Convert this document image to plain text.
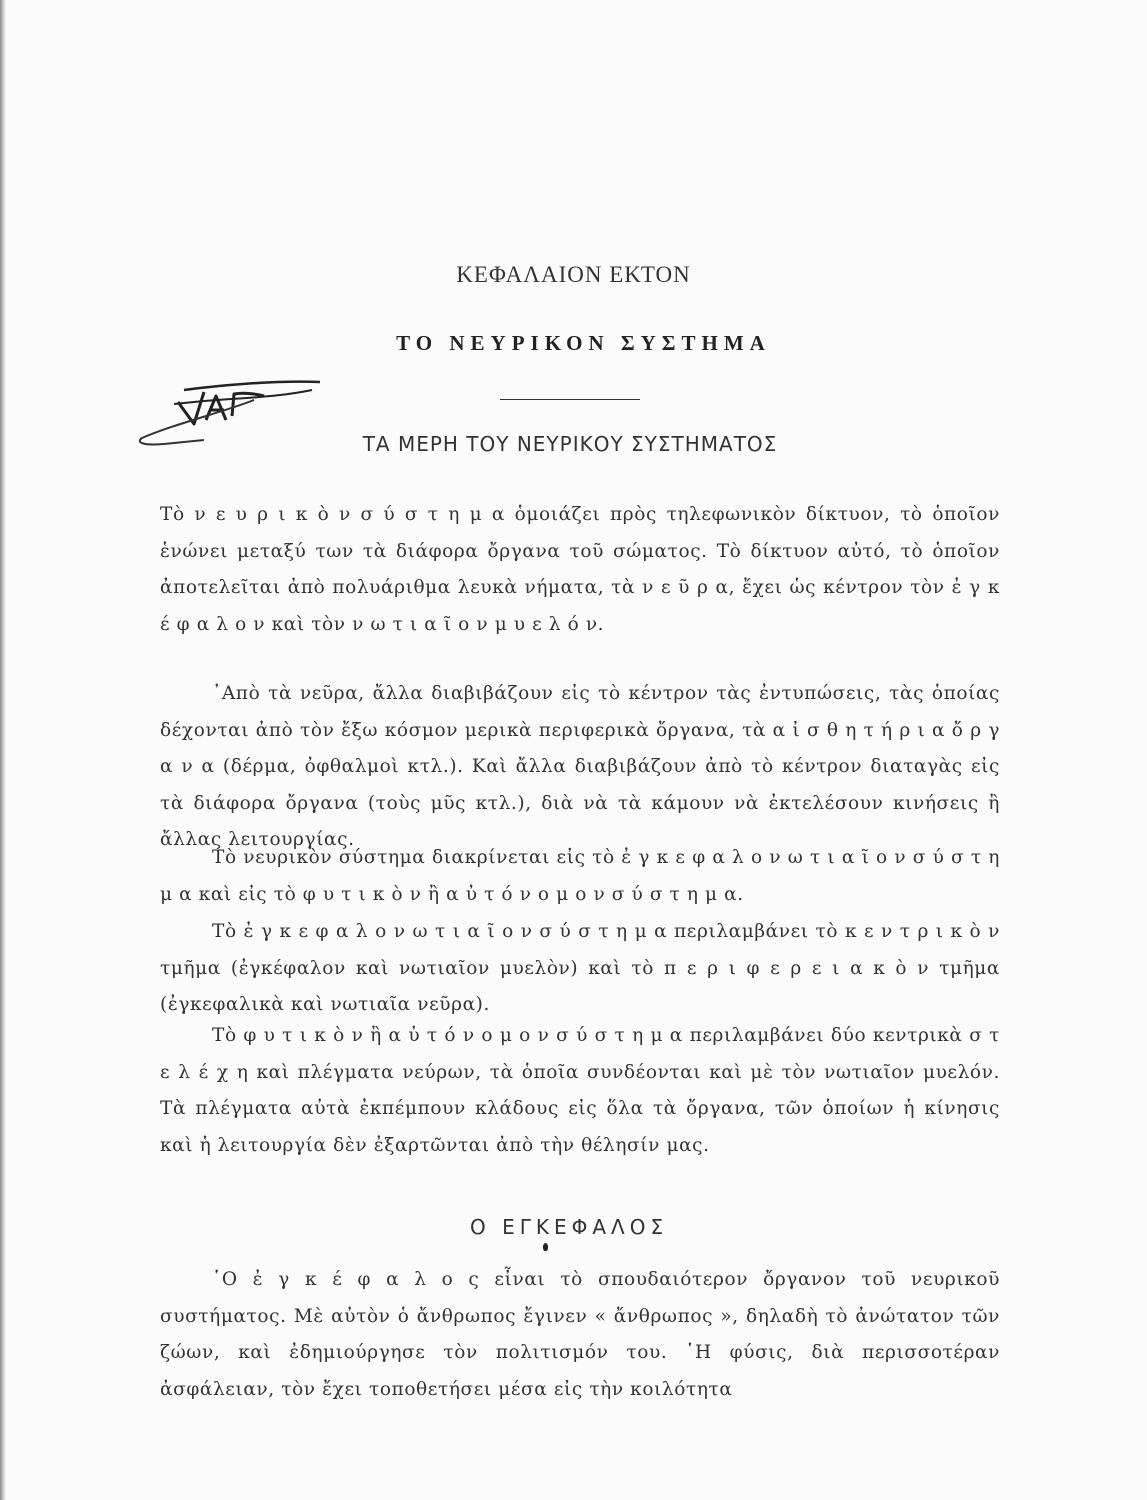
ΚΕΦΑΛΑΙΟΝ ΕΚΤΟΝ
ΤΟ ΝΕΥΡΙΚΟΝ ΣΥΣΤΗΜΑ
ΤΑ ΜΕΡΗ ΤΟΥ ΝΕΥΡΙΚΟΥ ΣΥΣΤΗΜΑΤΟΣ

Τὸ ν ε υ ρ ι κ ὸ ν σ ύ σ τ η μ α ὁμοιάζει πρὸς τηλεφωνικὸν δίκτυον, τὸ ὁποῖον ἑνώνει μεταξύ των τὰ διάφορα ὄργανα τοῦ σώματος. Τὸ δίκτυον αὐτό, τὸ ὁποῖον ἀποτελεῖται ἀπὸ πολυάριθμα λευκὰ νήματα, τὰ ν ε ῦ ρ α, ἔχει ὡς κέντρον τὸν ἐ γ κ έ φ α λ ο ν καὶ τὸν ν ω τ ι α ῖ ο ν μ υ ε λ ό ν.

᾿Απὸ τὰ νεῦρα, ἄλλα διαβιβάζουν εἰς τὸ κέντρον τὰς ἐντυπώσεις, τὰς ὁποίας δέχονται ἀπὸ τὸν ἔξω κόσμον μερικὰ περιφερικὰ ὄργανα, τὰ α ἰ σ θ η τ ή ρ ι α ὄ ρ γ α ν α (δέρμα, ὀφθαλμοὶ κτλ.). Καὶ ἄλλα διαβιβάζουν ἀπὸ τὸ κέντρον διαταγὰς εἰς τὰ διάφορα ὄργανα (τοὺς μῦς κτλ.), διὰ νὰ τὰ κάμουν νὰ ἐκτελέσουν κινήσεις ἢ ἄλλας λειτουργίας.

Τὸ νευρικὸν σύστημα διακρίνεται εἰς τὸ ἐ γ κ ε φ α λ ο ν ω τ ι α ῖ ο ν σ ύ σ τ η μ α καὶ εἰς τὸ φ υ τ ι κ ὸ ν ἢ α ὐ τ ό ν ο μ ο ν σ ύ σ τ η μ α.

Τὸ ἐ γ κ ε φ α λ ο ν ω τ ι α ῖ ο ν σ ύ σ τ η μ α περιλαμβάνει τὸ κ ε ν τ ρ ι κ ὸ ν τμῆμα (ἐγκέφαλον καὶ νωτιαῖον μυελὸν) καὶ τὸ π ε ρ ι φ ε ρ ε ι α κ ὸ ν τμῆμα (ἐγκεφαλικὰ καὶ νωτιαῖα νεῦρα).

Τὸ φ υ τ ι κ ὸ ν ἢ α ὐ τ ό ν ο μ ο ν σ ύ σ τ η μ α περιλαμβάνει δύο κεντρικὰ σ τ ε λ έ χ η καὶ πλέγματα νεύρων, τὰ ὁποῖα συνδέονται καὶ μὲ τὸν νωτιαῖον μυελόν. Τὰ πλέγματα αὐτὰ ἐκπέμπουν κλάδους εἰς ὅλα τὰ ὄργανα, τῶν ὁποίων ἡ κίνησις καὶ ἡ λειτουργία δὲν ἐξαρτῶνται ἀπὸ τὴν θέλησίν μας.

Ο ΕΓΚΕΦΑΛΟΣ

῾Ο ἐ γ κ έ φ α λ ο ς εἶναι τὸ σπουδαιότερον ὄργανον τοῦ νευρικοῦ συστήματος. Μὲ αὐτὸν ὁ ἄνθρωπος ἔγινεν « ἄνθρωπος », δηλαδὴ τὸ ἀνώτατον τῶν ζώων, καὶ ἐδημιούργησε τὸν πολιτισμόν του. ῾Η φύσις, διὰ περισσοτέραν ἀσφάλειαν, τὸν ἔχει τοποθετήσει μέσα εἰς τὴν κοιλότητα
